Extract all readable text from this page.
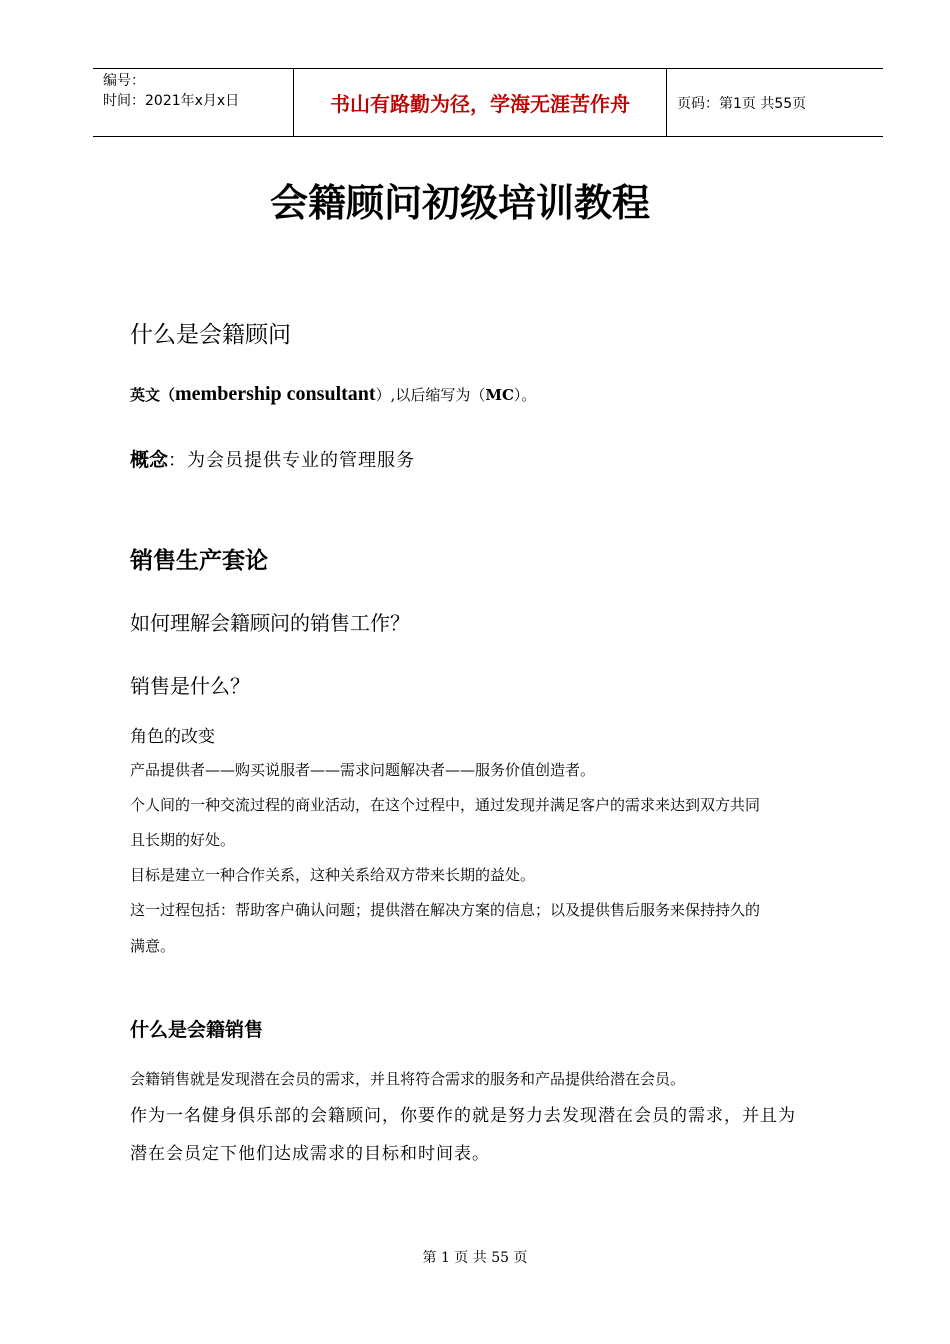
编号：
时间：2021年x月x日	书山有路勤为径，学海无涯苦作舟	页码：第1页 共55页
会籍顾问初级培训教程
什么是会籍顾问
英文（membership consultant）,以后缩写为（MC）。
概念：为会员提供专业的管理服务
销售生产套论
如何理解会籍顾问的销售工作？
销售是什么？
角色的改变
产品提供者——购买说服者——需求问题解决者——服务价值创造者。
个人间的一种交流过程的商业活动，在这个过程中，通过发现并满足客户的需求来达到双方共同
且长期的好处。
目标是建立一种合作关系，这种关系给双方带来长期的益处。
这一过程包括：帮助客户确认问题；提供潜在解决方案的信息；以及提供售后服务来保持持久的
满意。
什么是会籍销售
会籍销售就是发现潜在会员的需求，并且将符合需求的服务和产品提供给潜在会员。
作为一名健身俱乐部的会籍顾问，你要作的就是努力去发现潜在会员的需求，并且为
潜在会员定下他们达成需求的目标和时间表。
第 1 页 共 55 页
